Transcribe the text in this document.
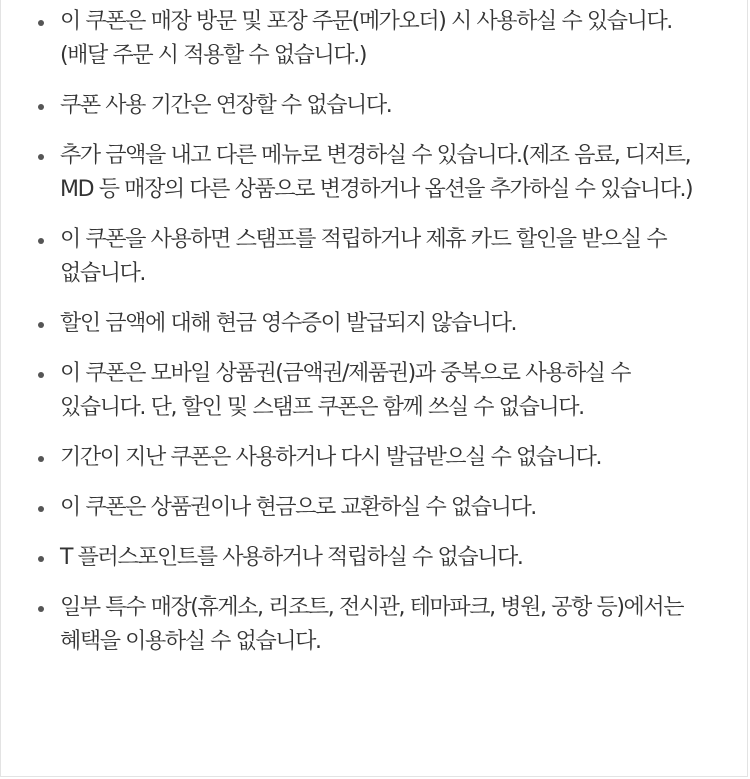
이 쿠폰은 매장 방문 및 포장 주문(메가오더) 시 사용하실 수 있습니다.(배달 주문 시 적용할 수 없습니다.)
쿠폰 사용 기간은 연장할 수 없습니다.
추가 금액을 내고 다른 메뉴로 변경하실 수 있습니다.(제조 음료, 디저트, MD 등 매장의 다른 상품으로 변경하거나 옵션을 추가하실 수 있습니다.)
이 쿠폰을 사용하면 스탬프를 적립하거나 제휴 카드 할인을 받으실 수 없습니다.
할인 금액에 대해 현금 영수증이 발급되지 않습니다.
이 쿠폰은 모바일 상품권(금액권/제품권)과 중복으로 사용하실 수 있습니다. 단, 할인 및 스탬프 쿠폰은 함께 쓰실 수 없습니다.
기간이 지난 쿠폰은 사용하거나 다시 발급받으실 수 없습니다.
이 쿠폰은 상품권이나 현금으로 교환하실 수 없습니다.
T 플러스포인트를 사용하거나 적립하실 수 없습니다.
일부 특수 매장(휴게소, 리조트, 전시관, 테마파크, 병원, 공항 등)에서는 혜택을 이용하실 수 없습니다.
